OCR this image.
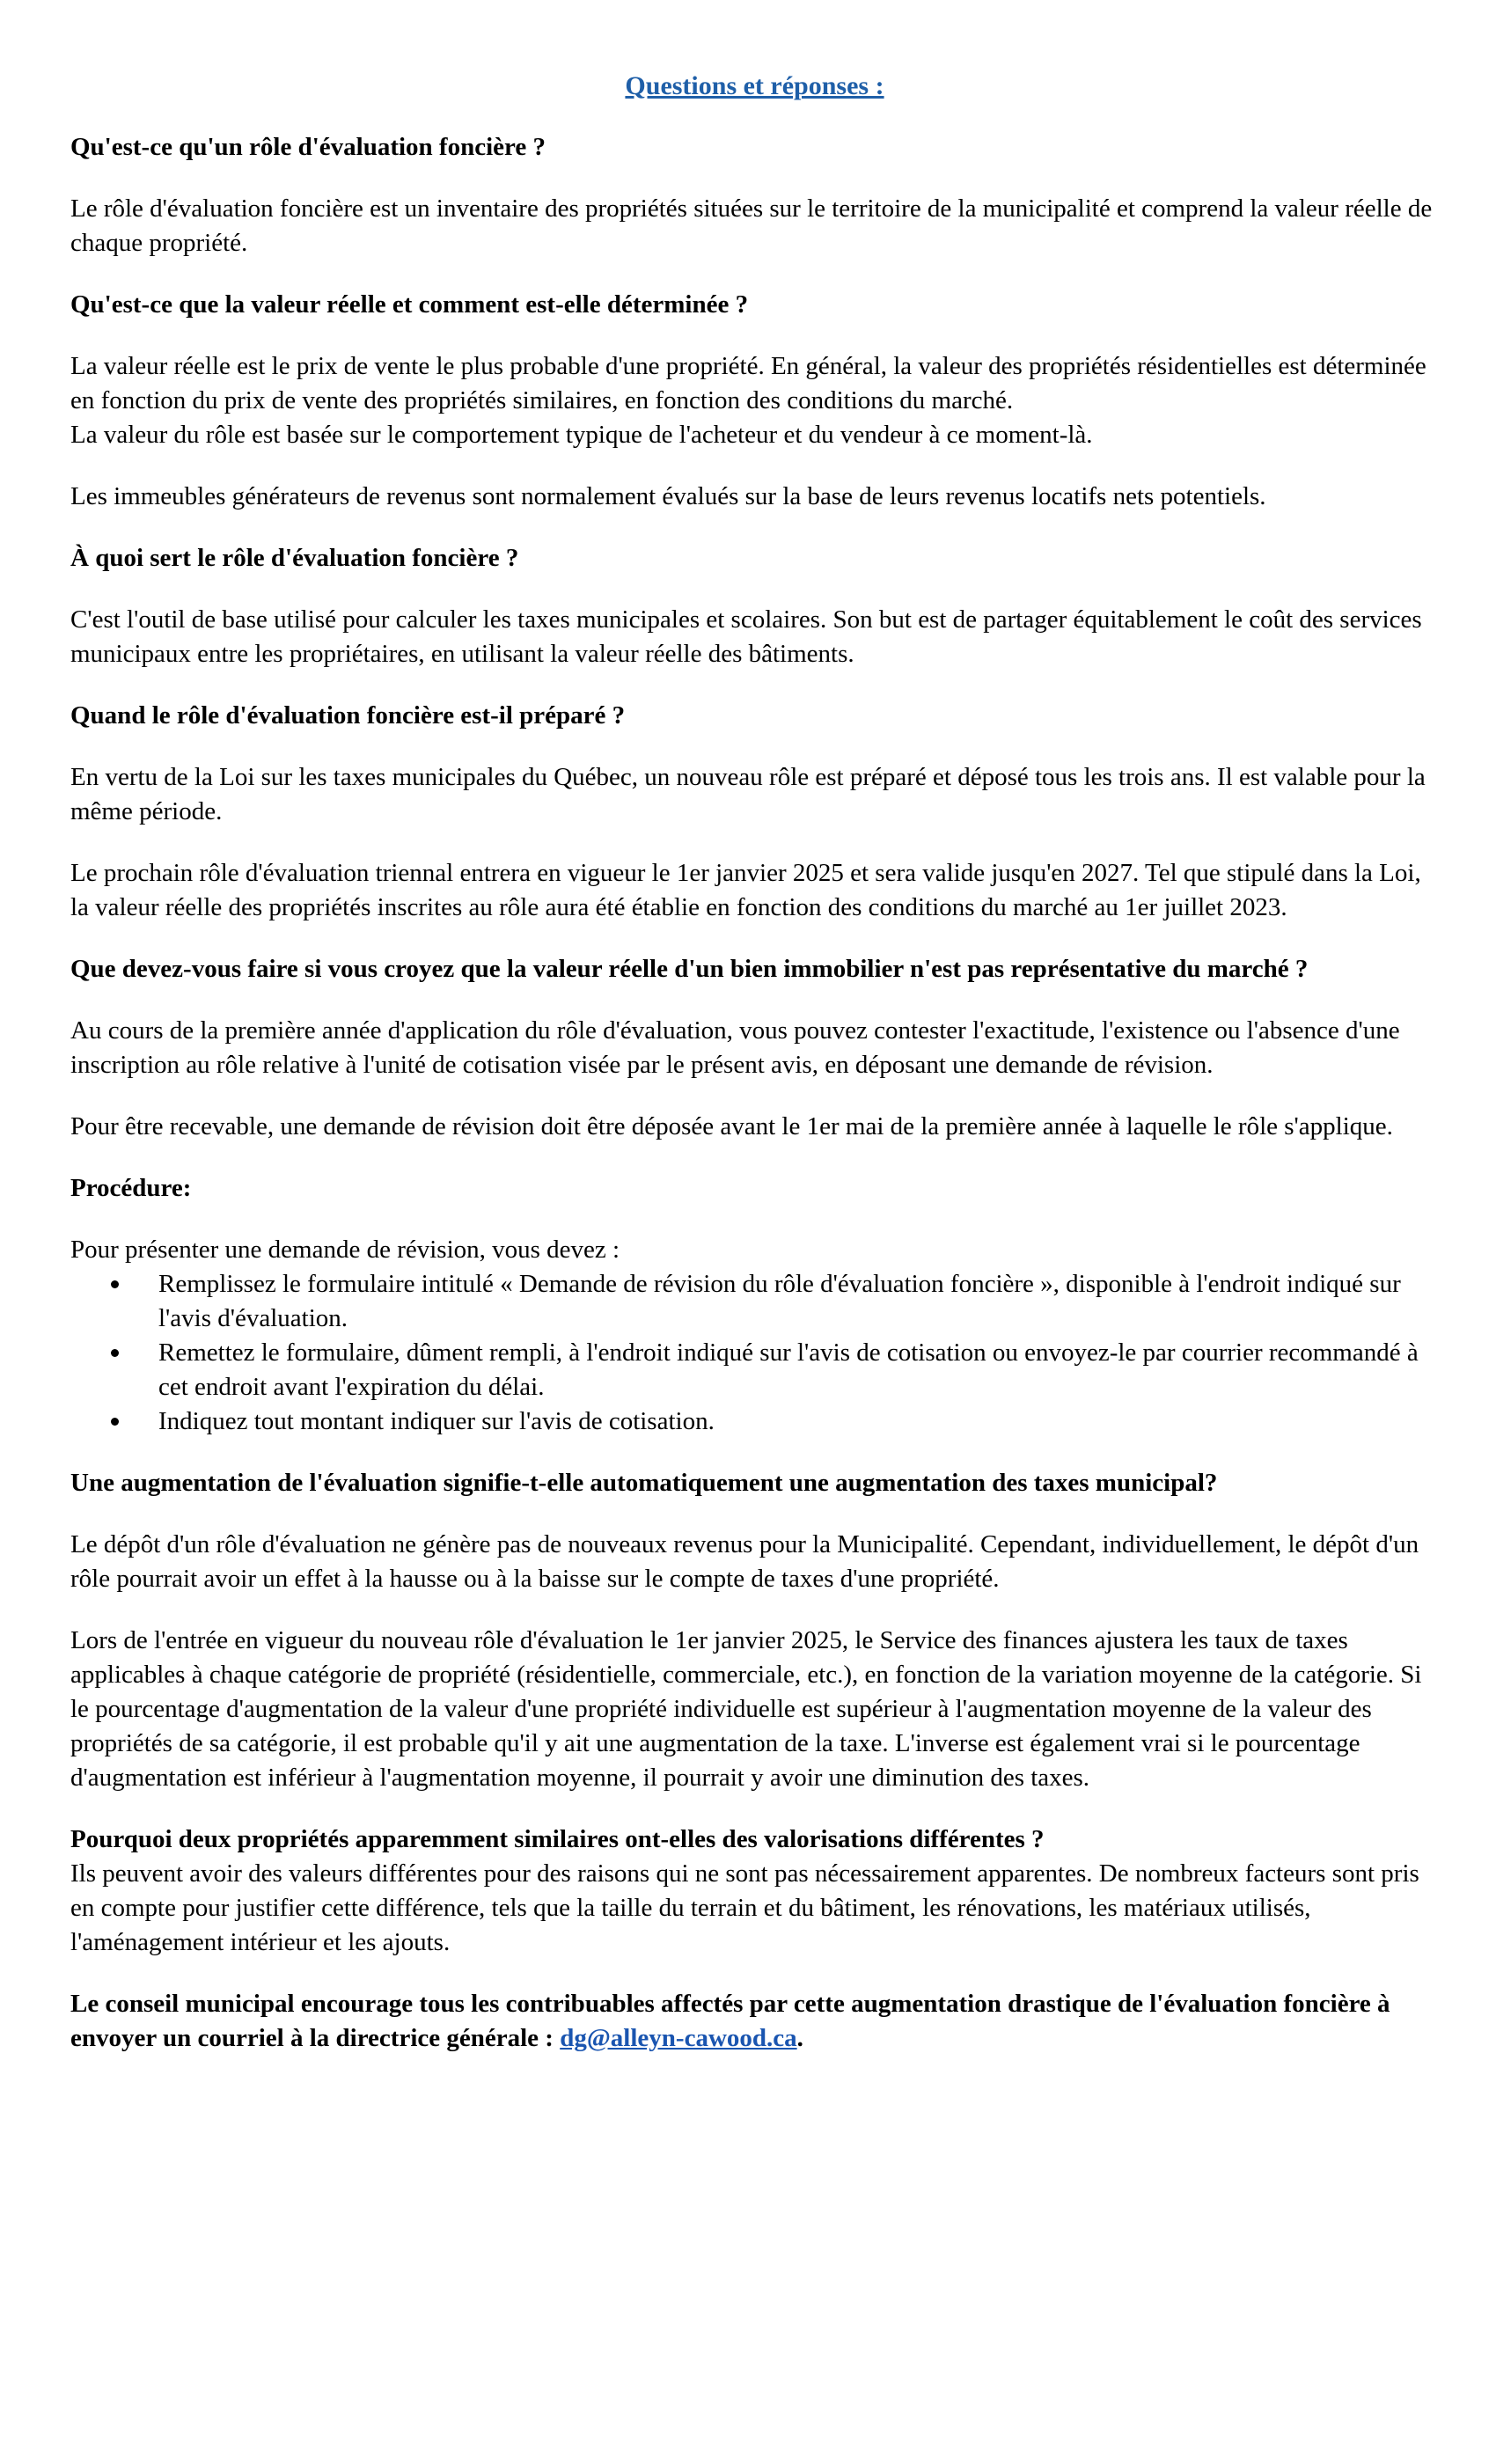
Questions et réponses :
Qu'est-ce qu'un rôle d'évaluation foncière ?

Le rôle d'évaluation foncière est un inventaire des propriétés situées sur le territoire de la municipalité et comprend la valeur réelle de chaque propriété.

Qu'est-ce que la valeur réelle et comment est-elle déterminée ?

La valeur réelle est le prix de vente le plus probable d'une propriété. En général, la valeur des propriétés résidentielles est déterminée en fonction du prix de vente des propriétés similaires, en fonction des conditions du marché.

La valeur du rôle est basée sur le comportement typique de l'acheteur et du vendeur à ce moment-là.

Les immeubles générateurs de revenus sont normalement évalués sur la base de leurs revenus locatifs nets potentiels.

À quoi sert le rôle d'évaluation foncière ?

C'est l'outil de base utilisé pour calculer les taxes municipales et scolaires. Son but est de partager équitablement le coût des services municipaux entre les propriétaires, en utilisant la valeur réelle des bâtiments.

Quand le rôle d'évaluation foncière est-il préparé ?

En vertu de la Loi sur les taxes municipales du Québec, un nouveau rôle est préparé et déposé tous les trois ans. Il est valable pour la même période.

Le prochain rôle d'évaluation triennal entrera en vigueur le 1er janvier 2025 et sera valide jusqu'en 2027. Tel que stipulé dans la Loi, la valeur réelle des propriétés inscrites au rôle aura été établie en fonction des conditions du marché au 1er juillet 2023.

Que devez-vous faire si vous croyez que la valeur réelle d'un bien immobilier n'est pas représentative du marché ?

Au cours de la première année d'application du rôle d'évaluation, vous pouvez contester l'exactitude, l'existence ou l'absence d'une inscription au rôle relative à l'unité de cotisation visée par le présent avis, en déposant une demande de révision.

Pour être recevable, une demande de révision doit être déposée avant le 1er mai de la première année à laquelle le rôle s'applique.

Procédure:

Pour présenter une demande de révision, vous devez :

Remplissez le formulaire intitulé « Demande de révision du rôle d'évaluation foncière », disponible à l'endroit indiqué sur l'avis d'évaluation.
Remettez le formulaire, dûment rempli, à l'endroit indiqué sur l'avis de cotisation ou envoyez-le par courrier recommandé à cet endroit avant l'expiration du délai.
Indiquez tout montant indiquer sur l'avis de cotisation.
Une augmentation de l'évaluation signifie-t-elle automatiquement une augmentation des taxes municipal?

Le dépôt d'un rôle d'évaluation ne génère pas de nouveaux revenus pour la Municipalité. Cependant, individuellement, le dépôt d'un rôle pourrait avoir un effet à la hausse ou à la baisse sur le compte de taxes d'une propriété.

Lors de l'entrée en vigueur du nouveau rôle d'évaluation le 1er janvier 2025, le Service des finances ajustera les taux de taxes applicables à chaque catégorie de propriété (résidentielle, commerciale, etc.), en fonction de la variation moyenne de la catégorie. Si le pourcentage d'augmentation de la valeur d'une propriété individuelle est supérieur à l'augmentation moyenne de la valeur des propriétés de sa catégorie, il est probable qu'il y ait une augmentation de la taxe. L'inverse est également vrai si le pourcentage d'augmentation est inférieur à l'augmentation moyenne, il pourrait y avoir une diminution des taxes.

Pourquoi deux propriétés apparemment similaires ont-elles des valorisations différentes ?

Ils peuvent avoir des valeurs différentes pour des raisons qui ne sont pas nécessairement apparentes. De nombreux facteurs sont pris en compte pour justifier cette différence, tels que la taille du terrain et du bâtiment, les rénovations, les matériaux utilisés, l'aménagement intérieur et les ajouts.

Le conseil municipal encourage tous les contribuables affectés par cette augmentation drastique de l'évaluation foncière à envoyer un courriel à la directrice générale : dg@alleyn-cawood.ca.
